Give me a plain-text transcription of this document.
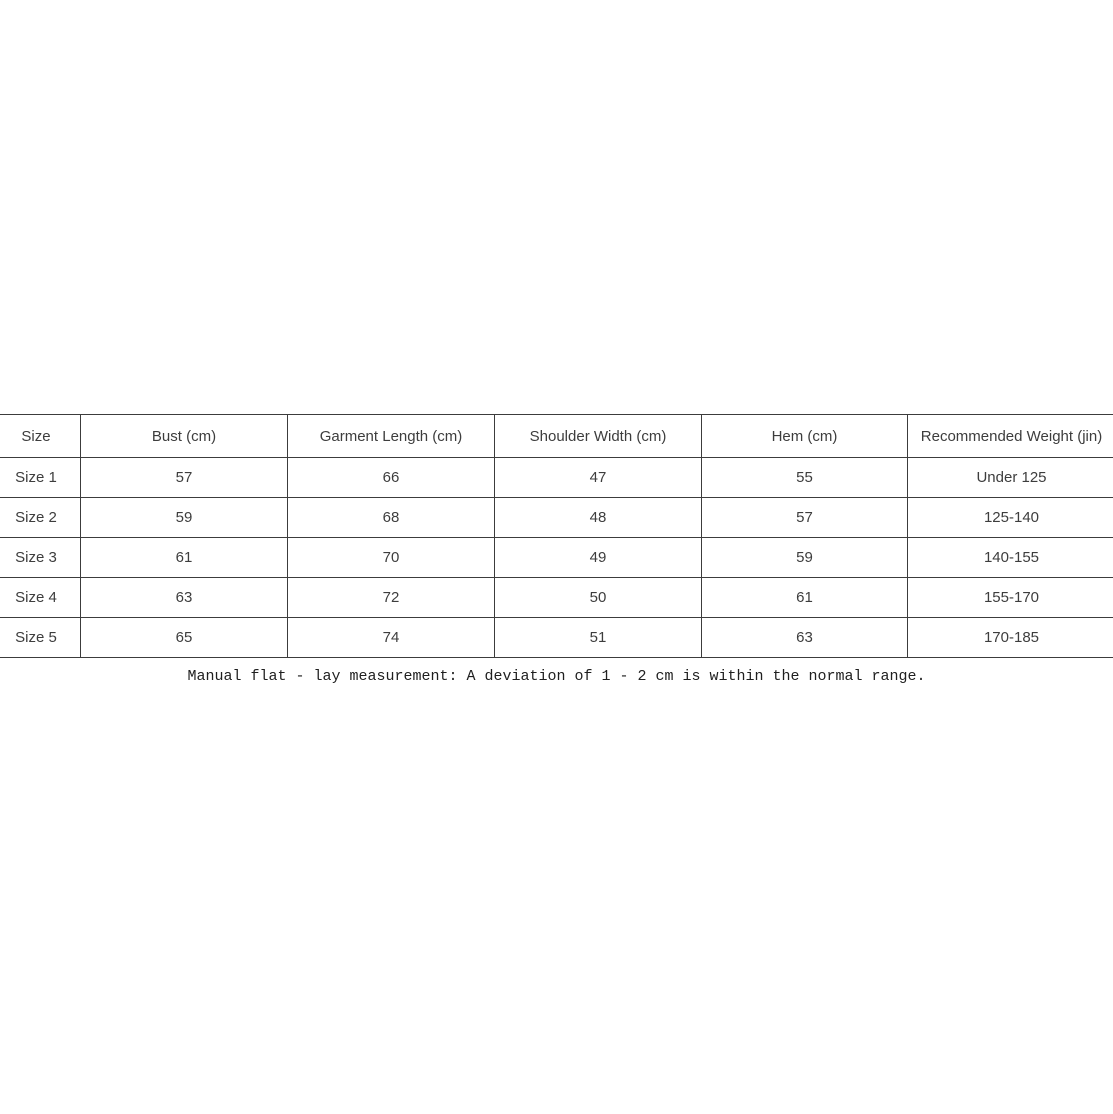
Size	Bust (cm)	Garment Length (cm)	Shoulder Width (cm)	Hem (cm)	Recommended Weight (jin)
Size 1	57	66	47	55	Under 125
Size 2	59	68	48	57	125-140
Size 3	61	70	49	59	140-155
Size 4	63	72	50	61	155-170
Size 5	65	74	51	63	170-185
Manual flat - lay measurement: A deviation of 1 - 2 cm is within the normal range.
